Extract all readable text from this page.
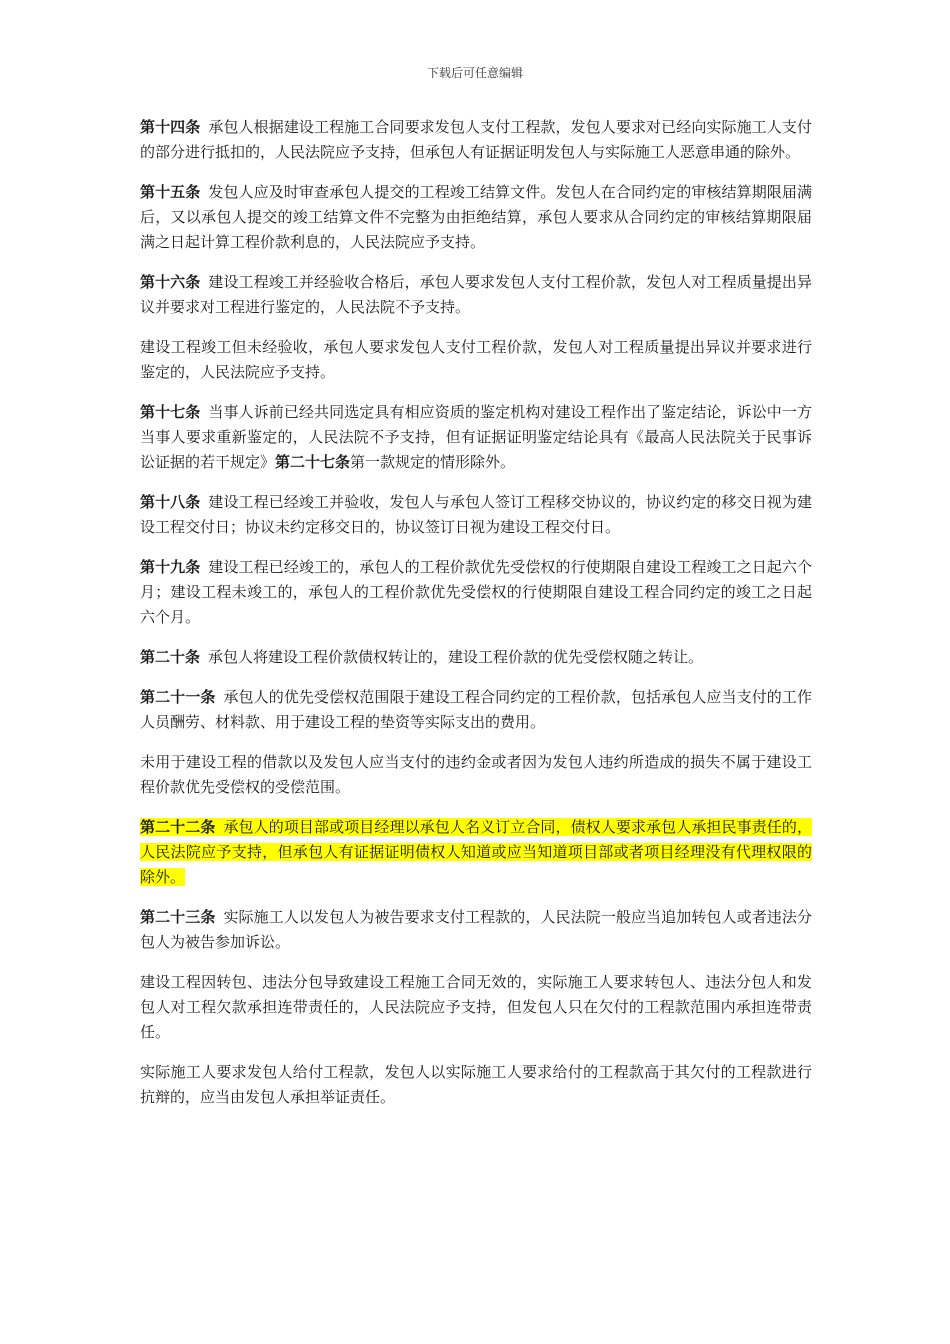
下载后可任意编辑

第十四条 承包人根据建设工程施工合同要求发包人支付工程款，发包人要求对已经向实际施工人支付的部分进行抵扣的，人民法院应予支持，但承包人有证据证明发包人与实际施工人恶意串通的除外。

第十五条 发包人应及时审查承包人提交的工程竣工结算文件。发包人在合同约定的审核结算期限届满后，又以承包人提交的竣工结算文件不完整为由拒绝结算，承包人要求从合同约定的审核结算期限届满之日起计算工程价款利息的，人民法院应予支持。

第十六条 建设工程竣工并经验收合格后，承包人要求发包人支付工程价款，发包人对工程质量提出异议并要求对工程进行鉴定的，人民法院不予支持。

建设工程竣工但未经验收，承包人要求发包人支付工程价款，发包人对工程质量提出异议并要求进行鉴定的，人民法院应予支持。

第十七条 当事人诉前已经共同选定具有相应资质的鉴定机构对建设工程作出了鉴定结论，诉讼中一方当事人要求重新鉴定的，人民法院不予支持，但有证据证明鉴定结论具有《最高人民法院关于民事诉讼证据的若干规定》第二十七条第一款规定的情形除外。

第十八条 建设工程已经竣工并验收，发包人与承包人签订工程移交协议的，协议约定的移交日视为建设工程交付日；协议未约定移交日的，协议签订日视为建设工程交付日。

第十九条 建设工程已经竣工的，承包人的工程价款优先受偿权的行使期限自建设工程竣工之日起六个月；建设工程未竣工的，承包人的工程价款优先受偿权的行使期限自建设工程合同约定的竣工之日起六个月。

第二十条 承包人将建设工程价款债权转让的，建设工程价款的优先受偿权随之转让。

第二十一条 承包人的优先受偿权范围限于建设工程合同约定的工程价款，包括承包人应当支付的工作人员酬劳、材料款、用于建设工程的垫资等实际支出的费用。

未用于建设工程的借款以及发包人应当支付的违约金或者因为发包人违约所造成的损失不属于建设工程价款优先受偿权的受偿范围。

第二十二条 承包人的项目部或项目经理以承包人名义订立合同，债权人要求承包人承担民事责任的，人民法院应予支持，但承包人有证据证明债权人知道或应当知道项目部或者项目经理没有代理权限的除外。

第二十三条 实际施工人以发包人为被告要求支付工程款的，人民法院一般应当追加转包人或者违法分包人为被告参加诉讼。

建设工程因转包、违法分包导致建设工程施工合同无效的，实际施工人要求转包人、违法分包人和发包人对工程欠款承担连带责任的，人民法院应予支持，但发包人只在欠付的工程款范围内承担连带责任。

实际施工人要求发包人给付工程款，发包人以实际施工人要求给付的工程款高于其欠付的工程款进行抗辩的，应当由发包人承担举证责任。
